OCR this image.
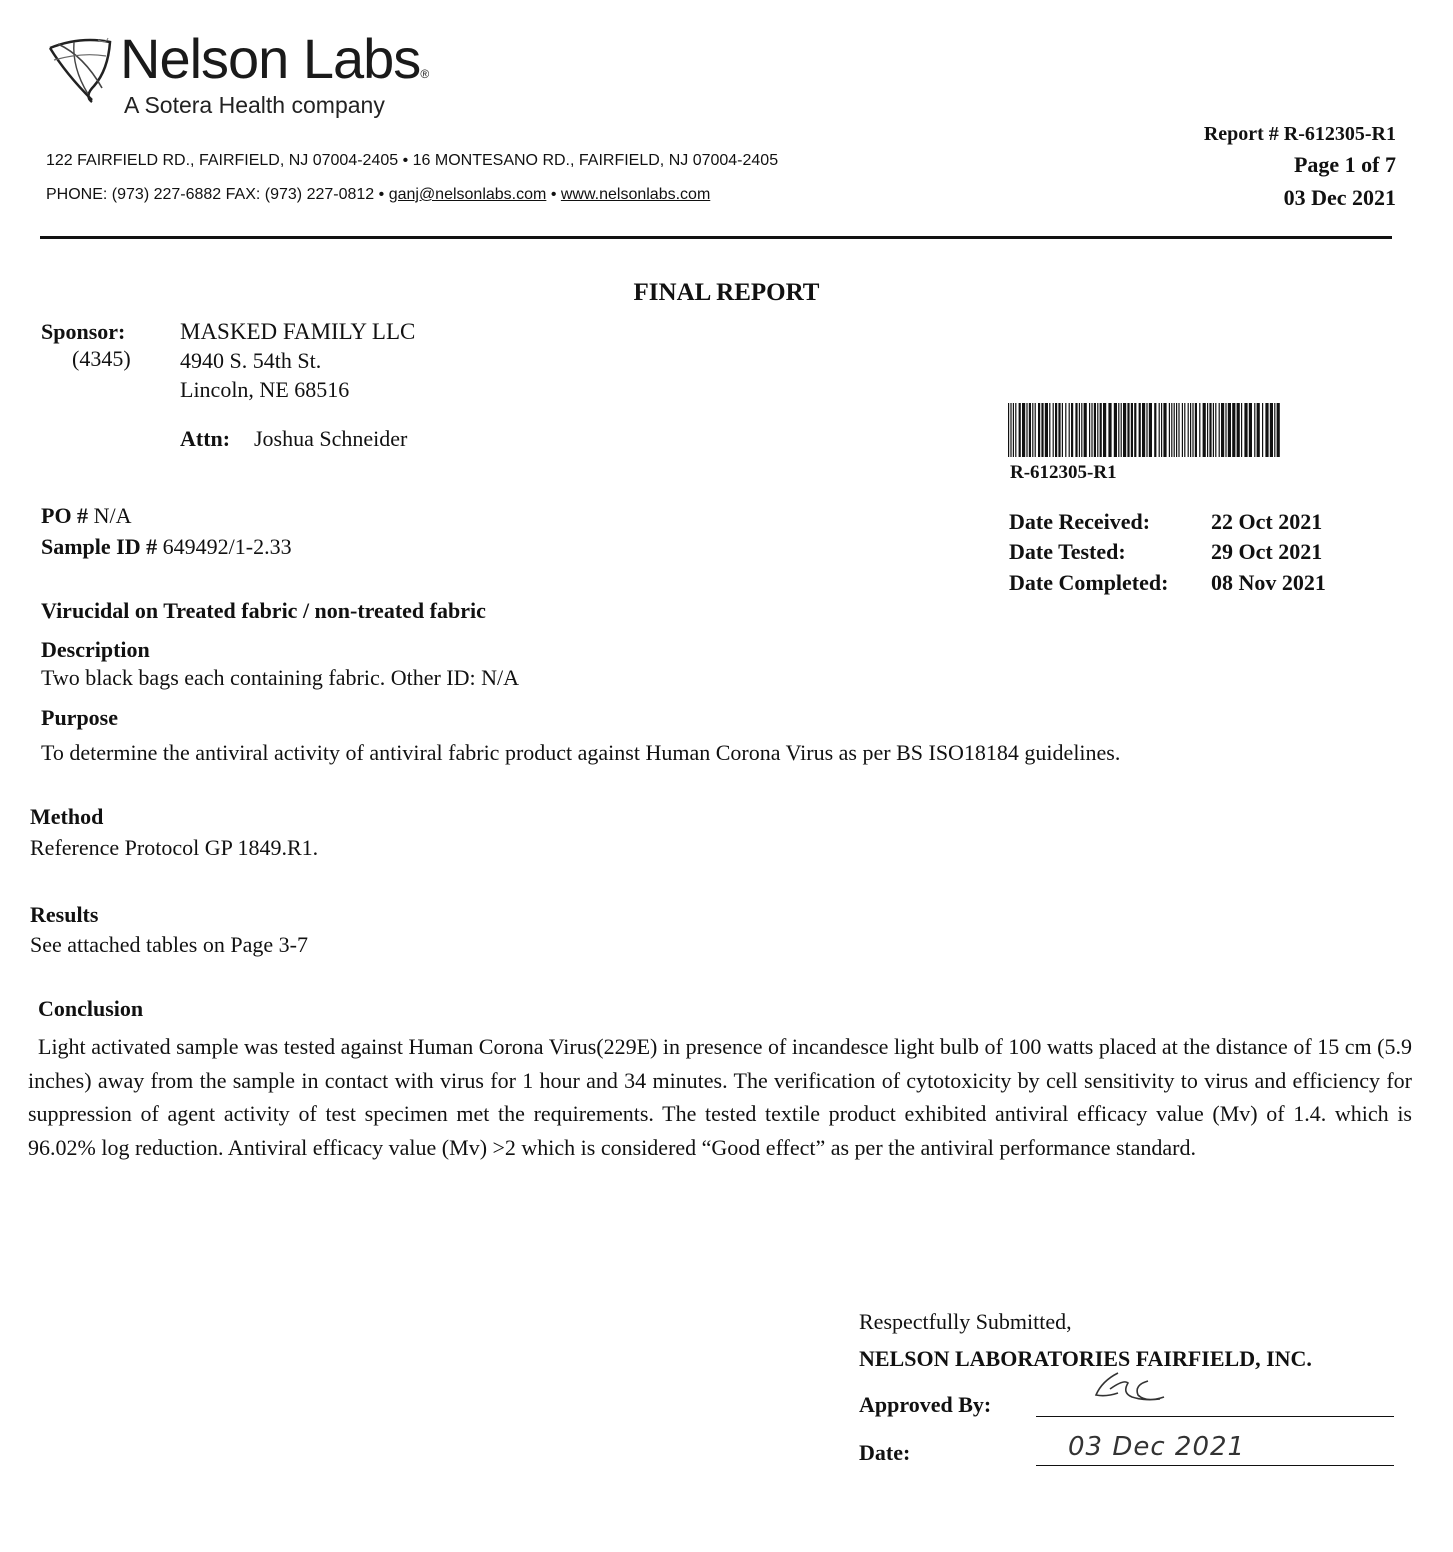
Nelson Labs®
A Sotera Health company
122 FAIRFIELD RD., FAIRFIELD, NJ 07004-2405 • 16 MONTESANO RD., FAIRFIELD, NJ 07004-2405
PHONE: (973) 227-6882 FAX: (973) 227-0812 • ganj@nelsonlabs.com • www.nelsonlabs.com
Report # R-612305-R1
Page 1 of 7
03 Dec 2021
FINAL REPORT
Sponsor:
(4345)
MASKED FAMILY LLC
4940 S. 54th St.
Lincoln, NE 68516
Attn: Joshua Schneider
R-612305-R1
PO # N/A
Sample ID # 649492/1-2.33
Date Received:	22 Oct 2021
Date Tested:	29 Oct 2021
Date Completed: 08 Nov 2021
Virucidal on Treated fabric / non-treated fabric
Description
Two black bags each containing fabric. Other ID: N/A
Purpose
To determine the antiviral activity of antiviral fabric product against Human Corona Virus as per BS ISO18184 guidelines.
Method
Reference Protocol GP 1849.R1.
Results
See attached tables on Page 3-7
Conclusion
Light activated sample was tested against Human Corona Virus(229E) in presence of incandesce light bulb of 100 watts placed at the distance of 15 cm (5.9 inches) away from the sample in contact with virus for 1 hour and 34 minutes. The verification of cytotoxicity by cell sensitivity to virus and efficiency for suppression of agent activity of test specimen met the requirements. The tested textile product exhibited antiviral efficacy value (Mv) of 1.4. which is 96.02% log reduction. Antiviral efficacy value (Mv) >2 which is considered “Good effect” as per the antiviral performance standard.
Respectfully Submitted,
NELSON LABORATORIES FAIRFIELD, INC.
Approved By:
Date:	03 Dec 2021
